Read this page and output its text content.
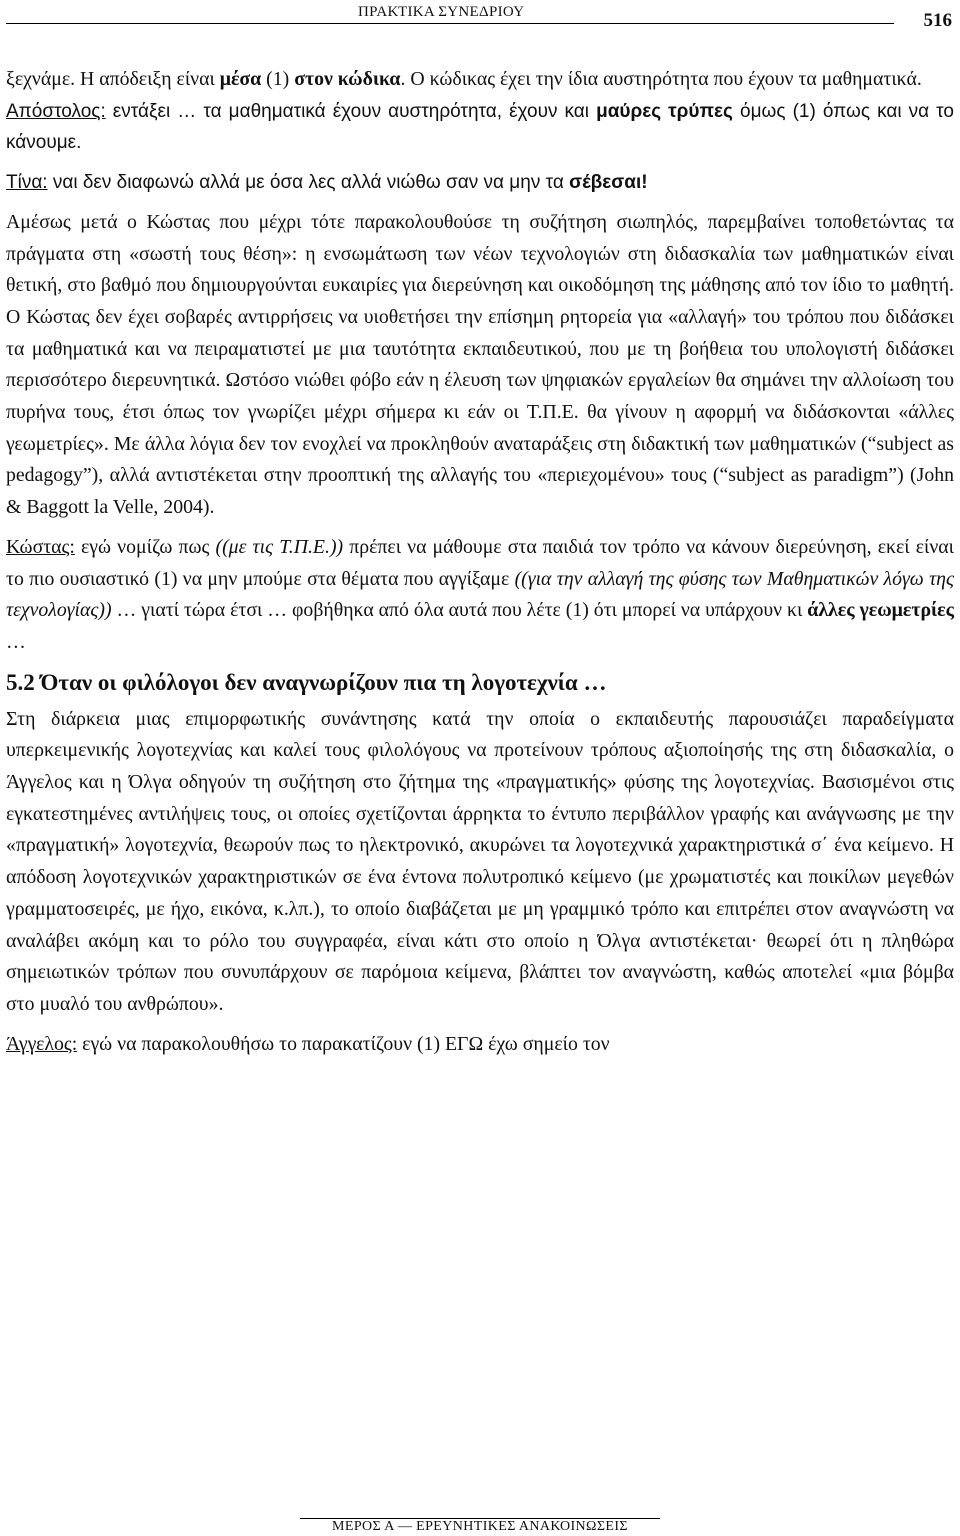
ΠΡΑΚΤΙΚΑ ΣΥΝΕΔΡΙΟΥ	516

ξεχνάμε. Η απόδειξη είναι μέσα (1) στον κώδικα. Ο κώδικας έχει την ίδια αυστηρότητα που έχουν τα μαθηματικά.

Απόστολος: εντάξει … τα μαθηματικά έχουν αυστηρότητα, έχουν και μαύρες τρύπες όμως (1) όπως και να το κάνουμε.

Τίνα: ναι δεν διαφωνώ αλλά με όσα λες αλλά νιώθω σαν να μην τα σέβεσαι!

Αμέσως μετά ο Κώστας που μέχρι τότε παρακολουθούσε τη συζήτηση σιωπηλός, παρεμβαίνει τοποθετώντας τα πράγματα στη «σωστή τους θέση»: η ενσωμάτωση των νέων τεχνολογιών στη διδασκαλία των μαθηματικών είναι θετική, στο βαθμό που δημιουργούνται ευκαιρίες για διερεύνηση και οικοδόμηση της μάθησης από τον ίδιο το μαθητή. Ο Κώστας δεν έχει σοβαρές αντιρρήσεις να υιοθετήσει την επίσημη ρητορεία για «αλλαγή» του τρόπου που διδάσκει τα μαθηματικά και να πειραματιστεί με μια ταυτότητα εκπαιδευτικού, που με τη βοήθεια του υπολογιστή διδάσκει περισσότερο διερευνητικά. Ωστόσο νιώθει φόβο εάν η έλευση των ψηφιακών εργαλείων θα σημάνει την αλλοίωση του πυρήνα τους, έτσι όπως τον γνωρίζει μέχρι σήμερα κι εάν οι Τ.Π.Ε. θα γίνουν η αφορμή να διδάσκονται «άλλες γεωμετρίες». Με άλλα λόγια δεν τον ενοχλεί να προκληθούν αναταράξεις στη διδακτική των μαθηματικών (“subject as pedagogy”), αλλά αντιστέκεται στην προοπτική της αλλαγής του «περιεχομένου» τους (“subject as paradigm”) (John & Baggott la Velle, 2004).

Κώστας: εγώ νομίζω πως ((με τις Τ.Π.Ε.)) πρέπει να μάθουμε στα παιδιά τον τρόπο να κάνουν διερεύνηση, εκεί είναι το πιο ουσιαστικό (1) να μην μπούμε στα θέματα που αγγίξαμε ((για την αλλαγή της φύσης των Μαθηματικών λόγω της τεχνολογίας)) … γιατί τώρα έτσι … φοβήθηκα από όλα αυτά που λέτε (1) ότι μπορεί να υπάρχουν κι άλλες γεωμετρίες …

5.2 Όταν οι φιλόλογοι δεν αναγνωρίζουν πια τη λογοτεχνία …

Στη διάρκεια μιας επιμορφωτικής συνάντησης κατά την οποία ο εκπαιδευτής παρουσιάζει παραδείγματα υπερκειμενικής λογοτεχνίας και καλεί τους φιλολόγους να προτείνουν τρόπους αξιοποίησής της στη διδασκαλία, ο Άγγελος και η Όλγα οδηγούν τη συζήτηση στο ζήτημα της «πραγματικής» φύσης της λογοτεχνίας. Βασισμένοι στις εγκατεστημένες αντιλήψεις τους, οι οποίες σχετίζονται άρρηκτα το έντυπο περιβάλλον γραφής και ανάγνωσης με την «πραγματική» λογοτεχνία, θεωρούν πως το ηλεκτρονικό, ακυρώνει τα λογοτεχνικά χαρακτηριστικά σ΄ ένα κείμενο. Η απόδοση λογοτεχνικών χαρακτηριστικών σε ένα έντονα πολυτροπικό κείμενο (με χρωματιστές και ποικίλων μεγεθών γραμματοσειρές, με ήχο, εικόνα, κ.λπ.), το οποίο διαβάζεται με μη γραμμικό τρόπο και επιτρέπει στον αναγνώστη να αναλάβει ακόμη και το ρόλο του συγγραφέα, είναι κάτι στο οποίο η Όλγα αντιστέκεται· θεωρεί ότι η πληθώρα σημειωτικών τρόπων που συνυπάρχουν σε παρόμοια κείμενα, βλάπτει τον αναγνώστη, καθώς αποτελεί «μια βόμβα στο μυαλό του ανθρώπου».

Άγγελος: εγώ να παρακολουθήσω το παρακατίζουν (1) ΕΓΩ έχω σημείο τον

ΜΕΡΟΣ Α — ΕΡΕΥΝΗΤΙΚΕΣ ΑΝΑΚΟΙΝΩΣΕΙΣ
